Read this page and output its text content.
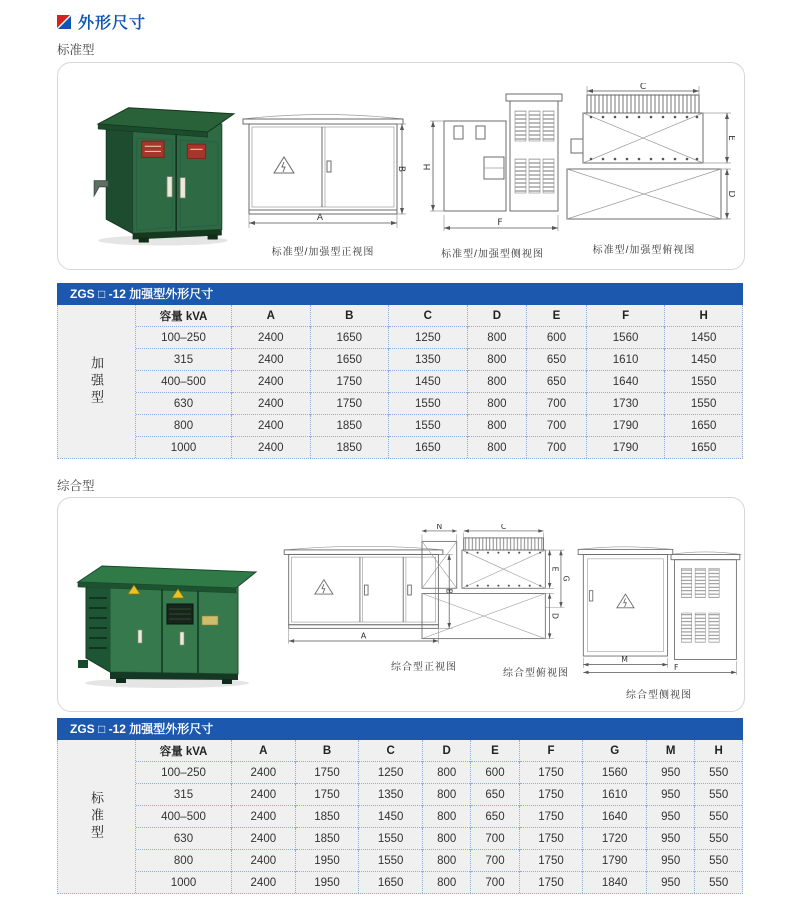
外形尺寸
标准型
A
B
标准型/加强型正视图
H
F
标准型/加强型侧视图
C
E
D
标准型/加强型俯视图
ZGS □ -12 加强型外形尺寸
加强型
容量 kVA	A	B	C	D	E	F	H
100–250	2400	1650	1250	800	600	1560	1450
315	2400	1650	1350	800	650	1610	1450
400–500	2400	1750	1450	800	650	1640	1550
630	2400	1750	1550	800	700	1730	1550
800	2400	1850	1550	800	700	1790	1650
1000	2400	1850	1650	800	700	1790	1650
综合型
A
B
综合型正视图
N	C
E
G
D
综合型俯视图
M
F
综合型侧视图
ZGS □ -12 加强型外形尺寸
标准型
容量 kVA	A	B	C	D	E	F	G	M	H
100–250	2400	1750	1250	800	600	1750	1560	950	550
315	2400	1750	1350	800	650	1750	1610	950	550
400–500	2400	1850	1450	800	650	1750	1640	950	550
630	2400	1850	1550	800	700	1750	1720	950	550
800	2400	1950	1550	800	700	1750	1790	950	550
1000	2400	1950	1650	800	700	1750	1840	950	550
